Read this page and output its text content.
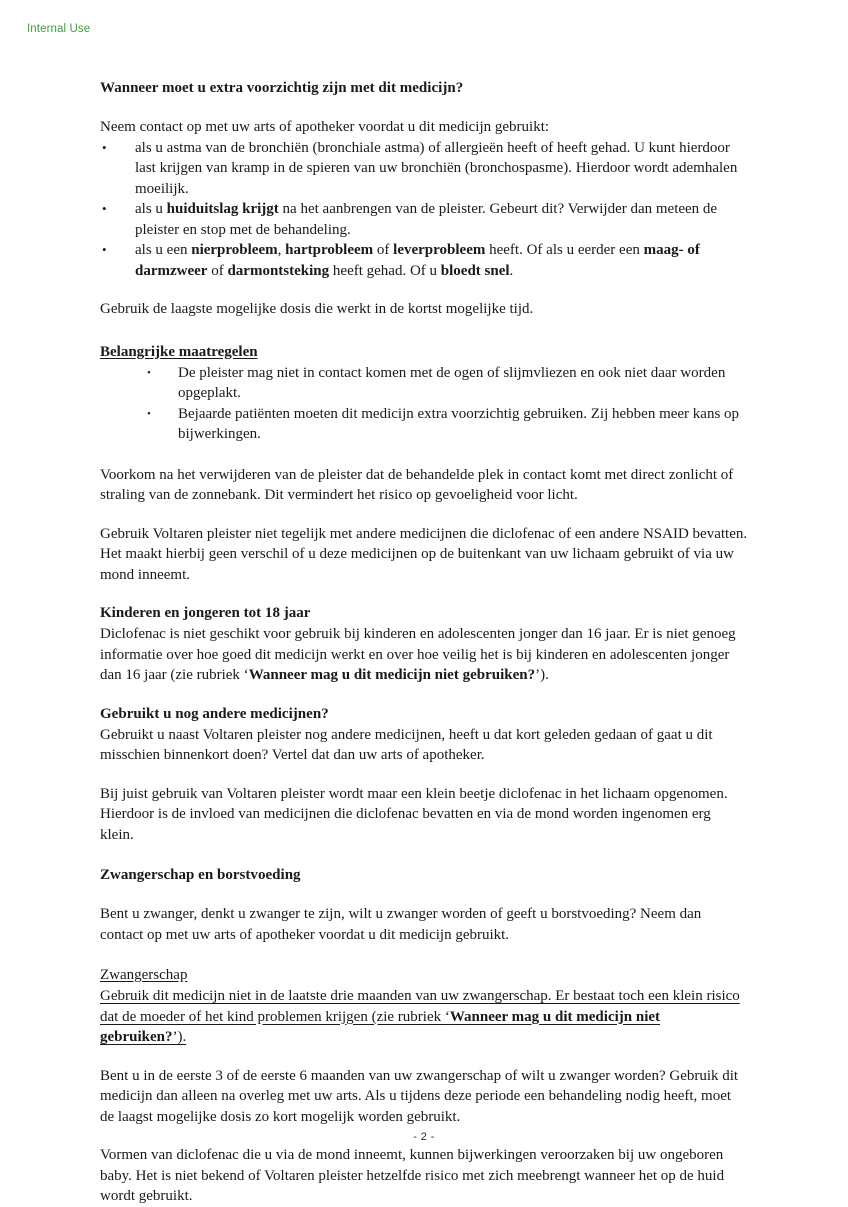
Internal Use
Wanneer moet u extra voorzichtig zijn met dit medicijn?

Neem contact op met uw arts of apotheker voordat u dit medicijn gebruikt:

• als u astma van de bronchiën (bronchiale astma) of allergieën heeft of heeft gehad. U kunt hierdoor last krijgen van kramp in de spieren van uw bronchiën (bronchospasme). Hierdoor wordt ademhalen moeilijk.
• als u huiduitslag krijgt na het aanbrengen van de pleister. Gebeurt dit? Verwijder dan meteen de pleister en stop met de behandeling.
• als u een nierprobleem, hartprobleem of leverprobleem heeft. Of als u eerder een maag- of darmzweer of darmontsteking heeft gehad. Of u bloedt snel.

Gebruik de laagste mogelijke dosis die werkt in de kortst mogelijke tijd.

Belangrijke maatregelen
• De pleister mag niet in contact komen met de ogen of slijmvliezen en ook niet daar worden opgeplakt.
• Bejaarde patiënten moeten dit medicijn extra voorzichtig gebruiken. Zij hebben meer kans op bijwerkingen.

Voorkom na het verwijderen van de pleister dat de behandelde plek in contact komt met direct zonlicht of straling van de zonnebank. Dit vermindert het risico op gevoeligheid voor licht.

Gebruik Voltaren pleister niet tegelijk met andere medicijnen die diclofenac of een andere NSAID bevatten. Het maakt hierbij geen verschil of u deze medicijnen op de buitenkant van uw lichaam gebruikt of via uw mond inneemt.

Kinderen en jongeren tot 18 jaar

Diclofenac is niet geschikt voor gebruik bij kinderen en adolescenten jonger dan 16 jaar. Er is niet genoeg informatie over hoe goed dit medicijn werkt en over hoe veilig het is bij kinderen en adolescenten jonger dan 16 jaar (zie rubriek ‘Wanneer mag u dit medicijn niet gebruiken?’).

Gebruikt u nog andere medicijnen?

Gebruikt u naast Voltaren pleister nog andere medicijnen, heeft u dat kort geleden gedaan of gaat u dit misschien binnenkort doen? Vertel dat dan uw arts of apotheker.

Bij juist gebruik van Voltaren pleister wordt maar een klein beetje diclofenac in het lichaam opgenomen. Hierdoor is de invloed van medicijnen die diclofenac bevatten en via de mond worden ingenomen erg klein.

Zwangerschap en borstvoeding

Bent u zwanger, denkt u zwanger te zijn, wilt u zwanger worden of geeft u borstvoeding? Neem dan contact op met uw arts of apotheker voordat u dit medicijn gebruikt.

Zwangerschap

Gebruik dit medicijn niet in de laatste drie maanden van uw zwangerschap. Er bestaat toch een klein risico dat de moeder of het kind problemen krijgen (zie rubriek ‘Wanneer mag u dit medicijn niet gebruiken?’).

Bent u in de eerste 3 of de eerste 6 maanden van uw zwangerschap of wilt u zwanger worden? Gebruik dit medicijn dan alleen na overleg met uw arts. Als u tijdens deze periode een behandeling nodig heeft, moet de laagst mogelijke dosis zo kort mogelijk worden gebruikt.

Vormen van diclofenac die u via de mond inneemt, kunnen bijwerkingen veroorzaken bij uw ongeboren baby. Het is niet bekend of Voltaren pleister hetzelfde risico met zich meebrengt wanneer het op de huid wordt gebruikt.

- 2 -
